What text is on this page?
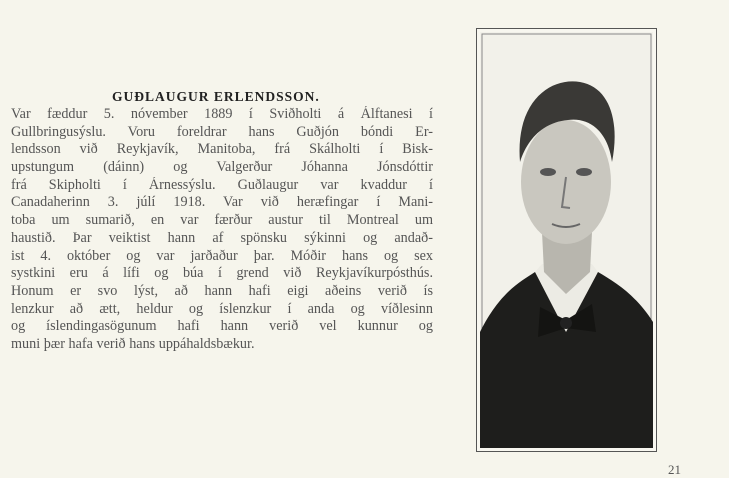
GUÐLAUGUR ERLENDSSON.
Var fæddur 5. nóvember 1889 í Sviðholti á Álftanesi í
Gullbringusýslu. Voru foreldrar hans Guðjón bóndi Er-
lendsson við Reykjavík, Manitoba, frá Skálholti í Bisk-
upstungum (dáinn) og Valgerður Jóhanna Jónsdóttir
frá Skipholti í Árnessýslu. Guðlaugur var kvaddur í
Canadaherinn 3. júlí 1918. Var við heræfingar í Mani-
toba um sumarið, en var færður austur til Montreal um
haustið. Þar veiktist hann af spönsku sýkinni og andað-
ist 4. október og var jarðaður þar. Móðir hans og sex
systkini eru á lífi og búa í grend við Reykjavíkurpósthús.
Honum er svo lýst, að hann hafi eigi aðeins verið ís
lenzkur að ætt, heldur og íslenzkur í anda og víðlesinn
og íslendingasögunum hafi hann verið vel kunnur og
muni þær hafa verið hans uppáhaldsbækur.
21
